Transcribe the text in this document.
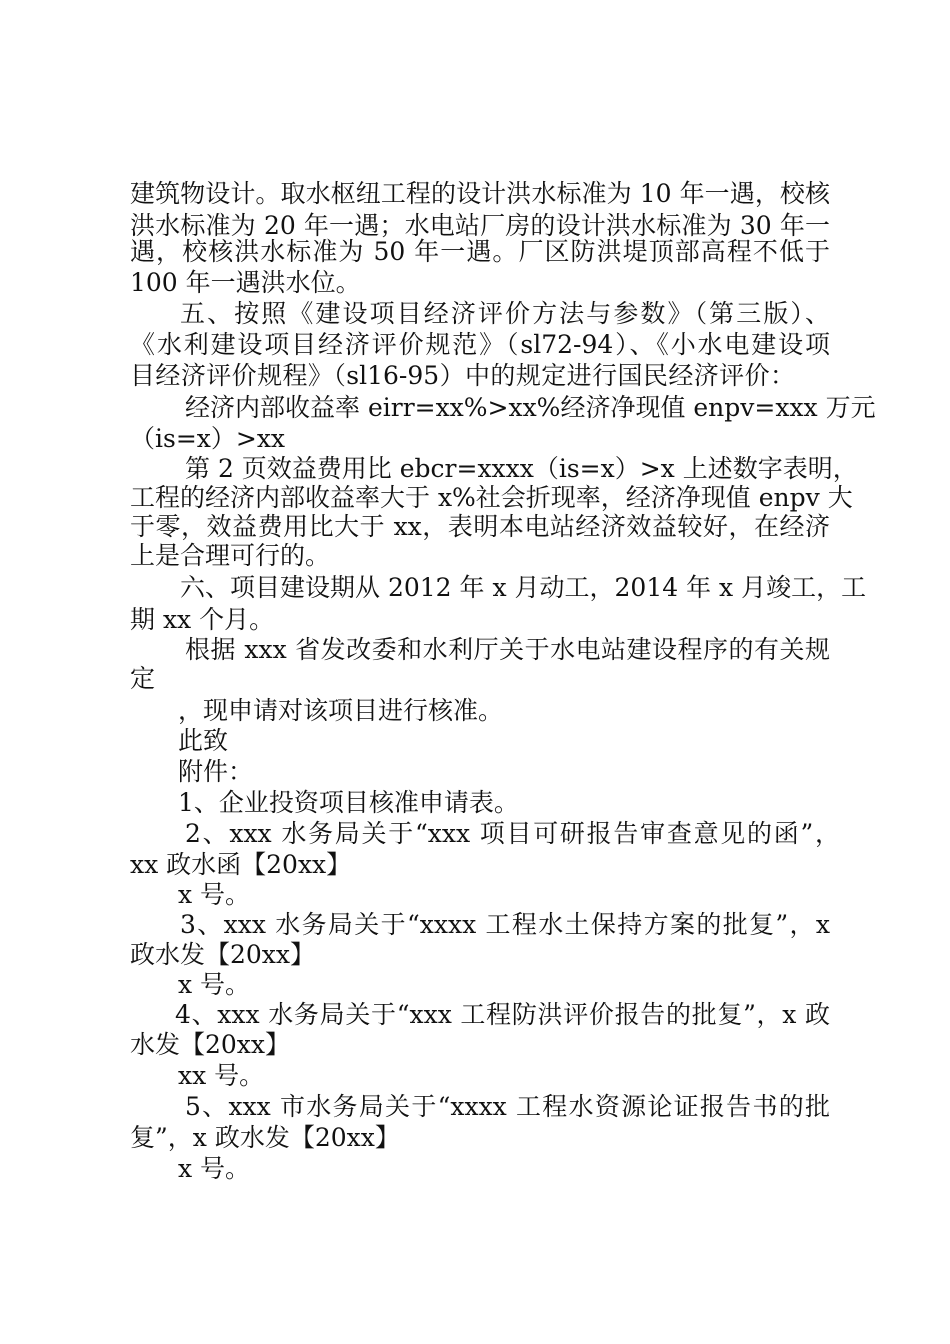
建筑物设计。取水枢纽工程的设计洪水标准为 10 年一遇，校核
洪水标准为 20 年一遇；水电站厂房的设计洪水标准为 30 年一
遇，校核洪水标准为 50 年一遇。厂区防洪堤顶部高程不低于
100 年一遇洪水位。
五、按照《建设项目经济评价方法与参数》（第三版）、
《水利建设项目经济评价规范》（sl72-94）、《小水电建设项
目经济评价规程》（sl16-95）中的规定进行国民经济评价：
经济内部收益率 eirr=xx%>xx%经济净现值 enpv=xxx 万元
（is=x）>xx
第 2 页效益费用比 ebcr=xxxx（is=x）>x 上述数字表明，
工程的经济内部收益率大于 x%社会折现率，经济净现值 enpv 大
于零，效益费用比大于 xx，表明本电站经济效益较好，在经济
上是合理可行的。
六、项目建设期从 2012 年 x 月动工，2014 年 x 月竣工，工
期 xx 个月。
根据 xxx 省发改委和水利厅关于水电站建设程序的有关规
定
，现申请对该项目进行核准。
此致
附件：
1、企业投资项目核准申请表。
2、xxx 水务局关于“xxx 项目可研报告审查意见的函”，
xx 政水函【20xx】
x 号。
3、xxx 水务局关于“xxxx 工程水土保持方案的批复”，x
政水发【20xx】
x 号。
4、xxx 水务局关于“xxx 工程防洪评价报告的批复”，x 政
水发【20xx】
xx 号。
5、xxx 市水务局关于“xxxx 工程水资源论证报告书的批
复”，x 政水发【20xx】
x 号。
